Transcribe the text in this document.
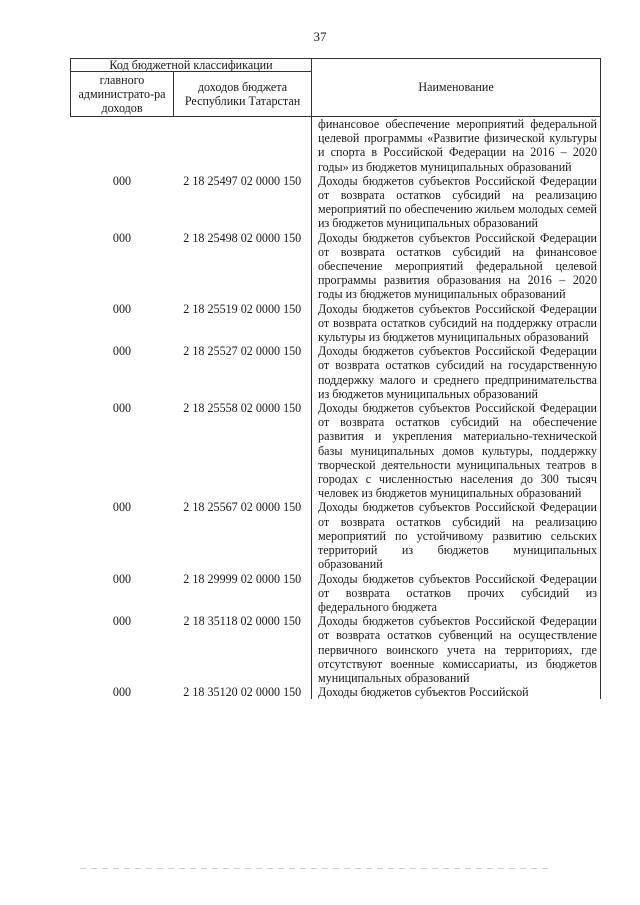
37
Код бюджетной классификации		Наименование
главного администрато-ра доходов	доходов бюджета Республики Татарстан	
		финансовое обеспечение мероприятий федеральной целевой программы «Развитие физической культуры и спорта в Российской Федерации на 2016 – 2020 годы» из бюджетов муниципальных образований
000	2 18 25497 02 0000 150	Доходы бюджетов субъектов Российской Федерации от возврата остатков субсидий на реализацию мероприятий по обеспечению жильем молодых семей из бюджетов муниципальных образований
000	2 18 25498 02 0000 150	Доходы бюджетов субъектов Российской Федерации от возврата остатков субсидий на финансовое обеспечение мероприятий федеральной целевой программы развития образования на 2016 – 2020 годы из бюджетов муниципальных образований
000	2 18 25519 02 0000 150	Доходы бюджетов субъектов Российской Федерации от возврата остатков субсидий на поддержку отрасли культуры из бюджетов муниципальных образований
000	2 18 25527 02 0000 150	Доходы бюджетов субъектов Российской Федерации от возврата остатков субсидий на государственную поддержку малого и среднего предпринимательства из бюджетов муниципальных образований
000	2 18 25558 02 0000 150	Доходы бюджетов субъектов Российской Федерации от возврата остатков субсидий на обеспечение развития и укрепления материально-технической базы муниципальных домов культуры, поддержку творческой деятельности муниципальных театров в городах с численностью населения до 300 тысяч человек из бюджетов муниципальных образований
000	2 18 25567 02 0000 150	Доходы бюджетов субъектов Российской Федерации от возврата остатков субсидий на реализацию мероприятий по устойчивому развитию сельских территорий из бюджетов муниципальных образований
000	2 18 29999 02 0000 150	Доходы бюджетов субъектов Российской Федерации от возврата остатков прочих субсидий из федерального бюджета
000	2 18 35118 02 0000 150	Доходы бюджетов субъектов Российской Федерации от возврата остатков субвенций на осуществление первичного воинского учета на территориях, где отсутствуют военные комиссариаты, из бюджетов муниципальных образований
000	2 18 35120 02 0000 150	Доходы бюджетов субъектов Российской
